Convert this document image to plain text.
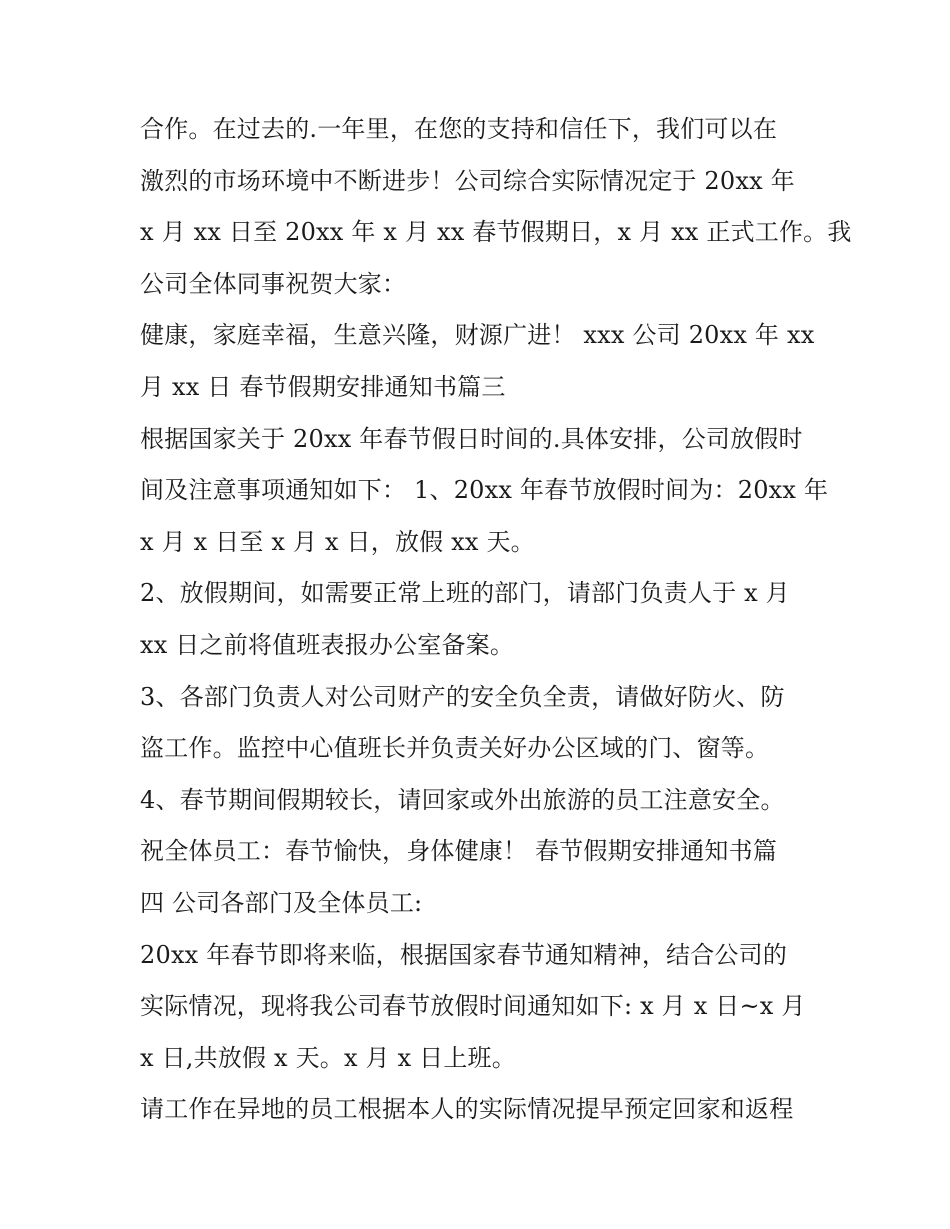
合作。在过去的.一年里，在您的支持和信任下，我们可以在
激烈的市场环境中不断进步！公司综合实际情况定于 20xx 年
x 月 xx 日至 20xx 年 x 月 xx 春节假期日，x 月 xx 正式工作。我
公司全体同事祝贺大家：
健康，家庭幸福，生意兴隆，财源广进！ xxx 公司 20xx 年 xx
月 xx 日 春节假期安排通知书篇三
根据国家关于 20xx 年春节假日时间的.具体安排，公司放假时
间及注意事项通知如下： 1、20xx 年春节放假时间为：20xx 年
x 月 x 日至 x 月 x 日，放假 xx 天。
2、放假期间，如需要正常上班的部门，请部门负责人于 x 月
xx 日之前将值班表报办公室备案。
3、各部门负责人对公司财产的安全负全责，请做好防火、防
盗工作。监控中心值班长并负责关好办公区域的门、窗等。
4、春节期间假期较长，请回家或外出旅游的员工注意安全。
祝全体员工：春节愉快，身体健康！ 春节假期安排通知书篇
四 公司各部门及全体员工:
20xx 年春节即将来临，根据国家春节通知精神，结合公司的
实际情况，现将我公司春节放假时间通知如下: x 月 x 日~x 月
x 日,共放假 x 天。x 月 x 日上班。
请工作在异地的员工根据本人的实际情况提早预定回家和返程
